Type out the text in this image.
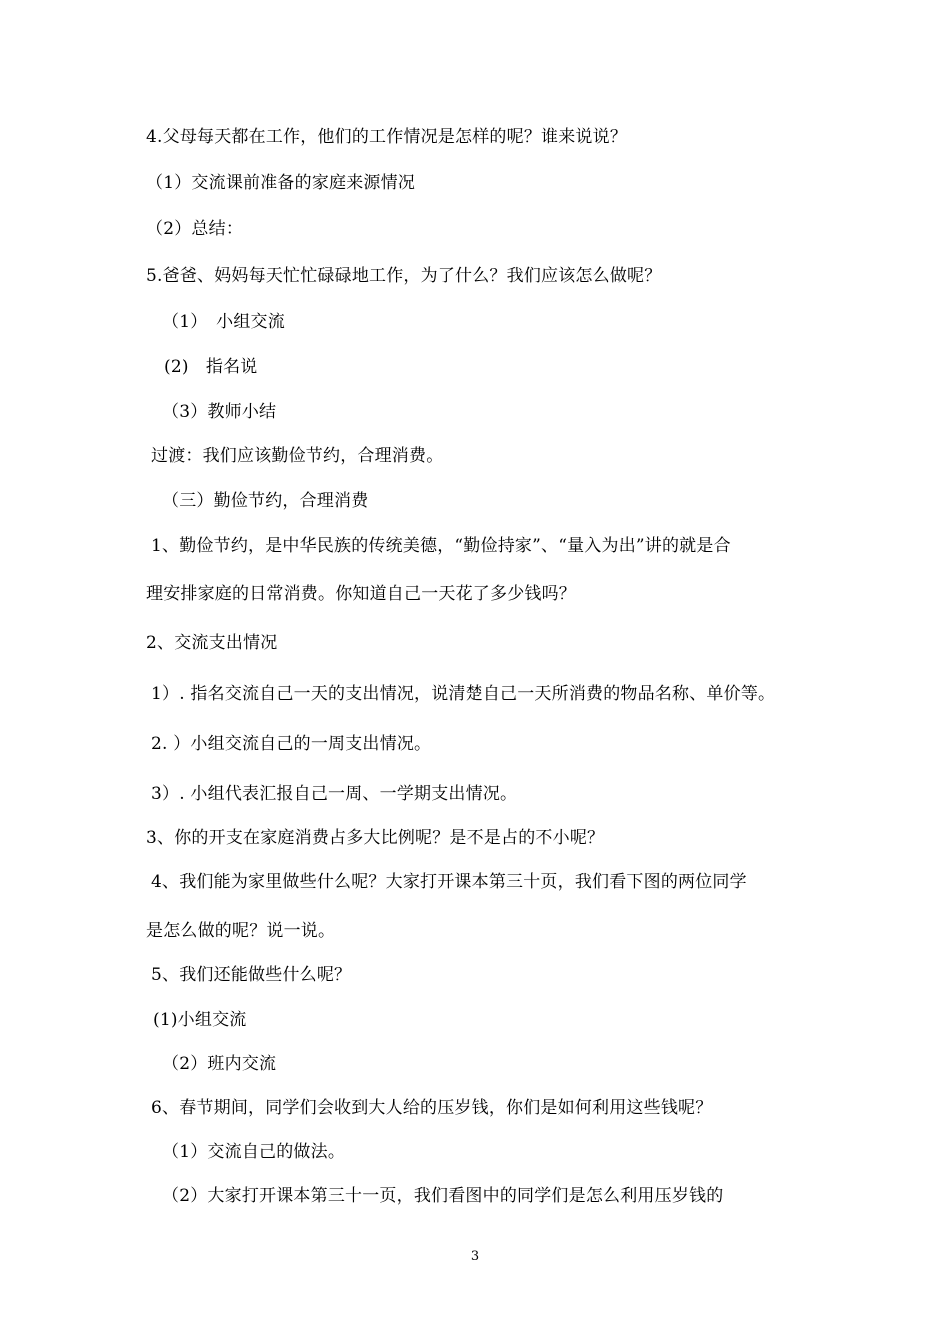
4.父母每天都在工作，他们的工作情况是怎样的呢？谁来说说？
（1）交流课前准备的家庭来源情况
（2）总结：
5.爸爸、妈妈每天忙忙碌碌地工作，为了什么？我们应该怎么做呢？
（1）　小组交流
(2)　指名说
（3）教师小结
过渡：我们应该勤俭节约，合理消费。
（三）勤俭节约，合理消费
1、勤俭节约，是中华民族的传统美德，“勤俭持家”、“量入为出”讲的就是合
理安排家庭的日常消费。你知道自己一天花了多少钱吗？
2、交流支出情况
1）. 指名交流自己一天的支出情况，说清楚自己一天所消费的物品名称、单价等。
2. ）小组交流自己的一周支出情况。
3）. 小组代表汇报自己一周、一学期支出情况。
3、你的开支在家庭消费占多大比例呢？是不是占的不小呢？
4、我们能为家里做些什么呢？大家打开课本第三十页，我们看下图的两位同学
是怎么做的呢？说一说。
5、我们还能做些什么呢？
(1)小组交流
（2）班内交流
6、春节期间，同学们会收到大人给的压岁钱，你们是如何利用这些钱呢？
（1）交流自己的做法。
（2）大家打开课本第三十一页，我们看图中的同学们是怎么利用压岁钱的
3
